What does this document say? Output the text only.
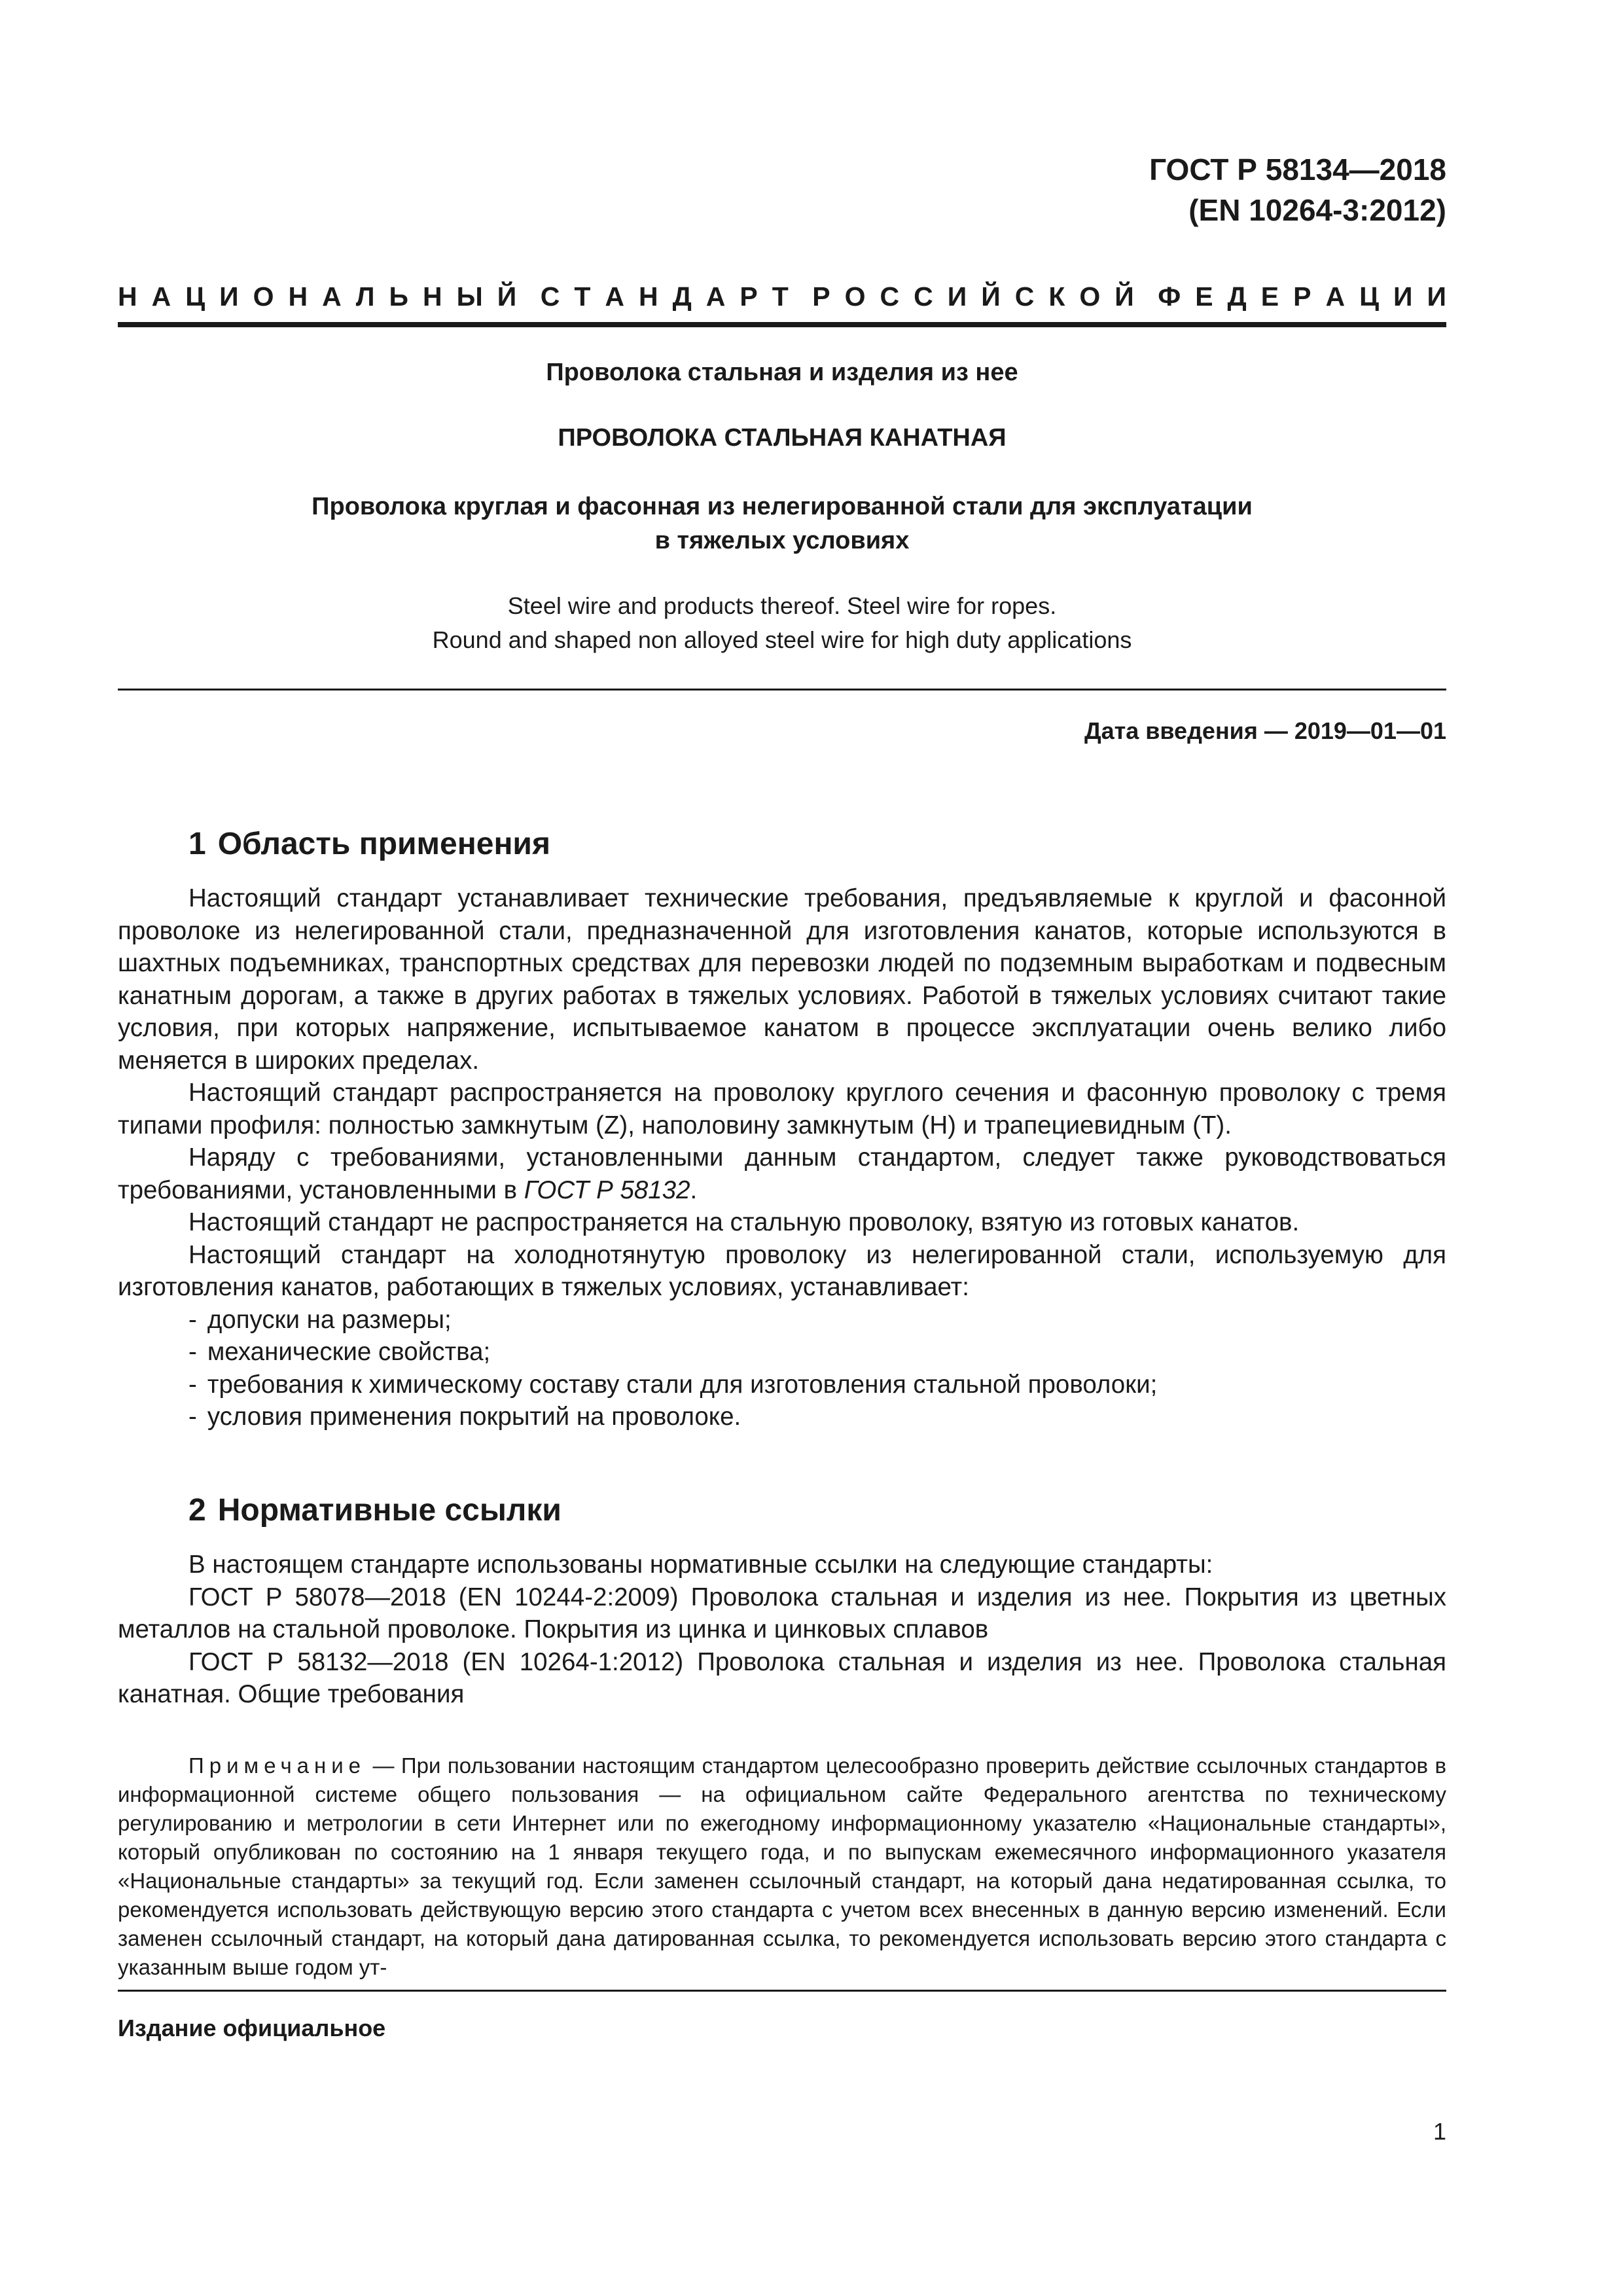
ГОСТ Р 58134—2018
(EN 10264-3:2012)
Н А Ц И О Н А Л Ь Н Ы Й С Т А Н Д А Р Т Р О С С И Й С К О Й Ф Е Д Е Р А Ц И И
Проволока стальная и изделия из нее
ПРОВОЛОКА СТАЛЬНАЯ КАНАТНАЯ
Проволока круглая и фасонная из нелегированной стали для эксплуатации
в тяжелых условиях
Steel wire and products thereof. Steel wire for ropes.
Round and shaped non alloyed steel wire for high duty applications
Дата введения — 2019—01—01
1 Область применения

Настоящий стандарт устанавливает технические требования, предъявляемые к круглой и фасонной проволоке из нелегированной стали, предназначенной для изготовления канатов, которые используются в шахтных подъемниках, транспортных средствах для перевозки людей по подземным выработкам и подвесным канатным дорогам, а также в других работах в тяжелых условиях. Работой в тяжелых условиях считают такие условия, при которых напряжение, испытываемое канатом в процессе эксплуатации очень велико либо меняется в широких пределах.

Настоящий стандарт распространяется на проволоку круглого сечения и фасонную проволоку с тремя типами профиля: полностью замкнутым (Z), наполовину замкнутым (Н) и трапециевидным (Т).

Наряду с требованиями, установленными данным стандартом, следует также руководствоваться требованиями, установленными в ГОСТ Р 58132.

Настоящий стандарт не распространяется на стальную проволоку, взятую из готовых канатов.

Настоящий стандарт на холоднотянутую проволоку из нелегированной стали, используемую для изготовления канатов, работающих в тяжелых условиях, устанавливает:

- допуски на размеры;
- механические свойства;
- требования к химическому составу стали для изготовления стальной проволоки;
- условия применения покрытий на проволоке.
2 Нормативные ссылки

В настоящем стандарте использованы нормативные ссылки на следующие стандарты:

ГОСТ Р 58078—2018 (EN 10244-2:2009) Проволока стальная и изделия из нее. Покрытия из цветных металлов на стальной проволоке. Покрытия из цинка и цинковых сплавов

ГОСТ Р 58132—2018 (EN 10264-1:2012) Проволока стальная и изделия из нее. Проволока стальная канатная. Общие требования

Примечание — При пользовании настоящим стандартом целесообразно проверить действие ссылочных стандартов в информационной системе общего пользования — на официальном сайте Федерального агентства по техническому регулированию и метрологии в сети Интернет или по ежегодному информационному указателю «Национальные стандарты», который опубликован по состоянию на 1 января текущего года, и по выпускам ежемесячного информационного указателя «Национальные стандарты» за текущий год. Если заменен ссылочный стандарт, на который дана недатированная ссылка, то рекомендуется использовать действующую версию этого стандарта с учетом всех внесенных в данную версию изменений. Если заменен ссылочный стандарт, на который дана датированная ссылка, то рекомендуется использовать версию этого стандарта с указанным выше годом ут-

Издание официальное
1
